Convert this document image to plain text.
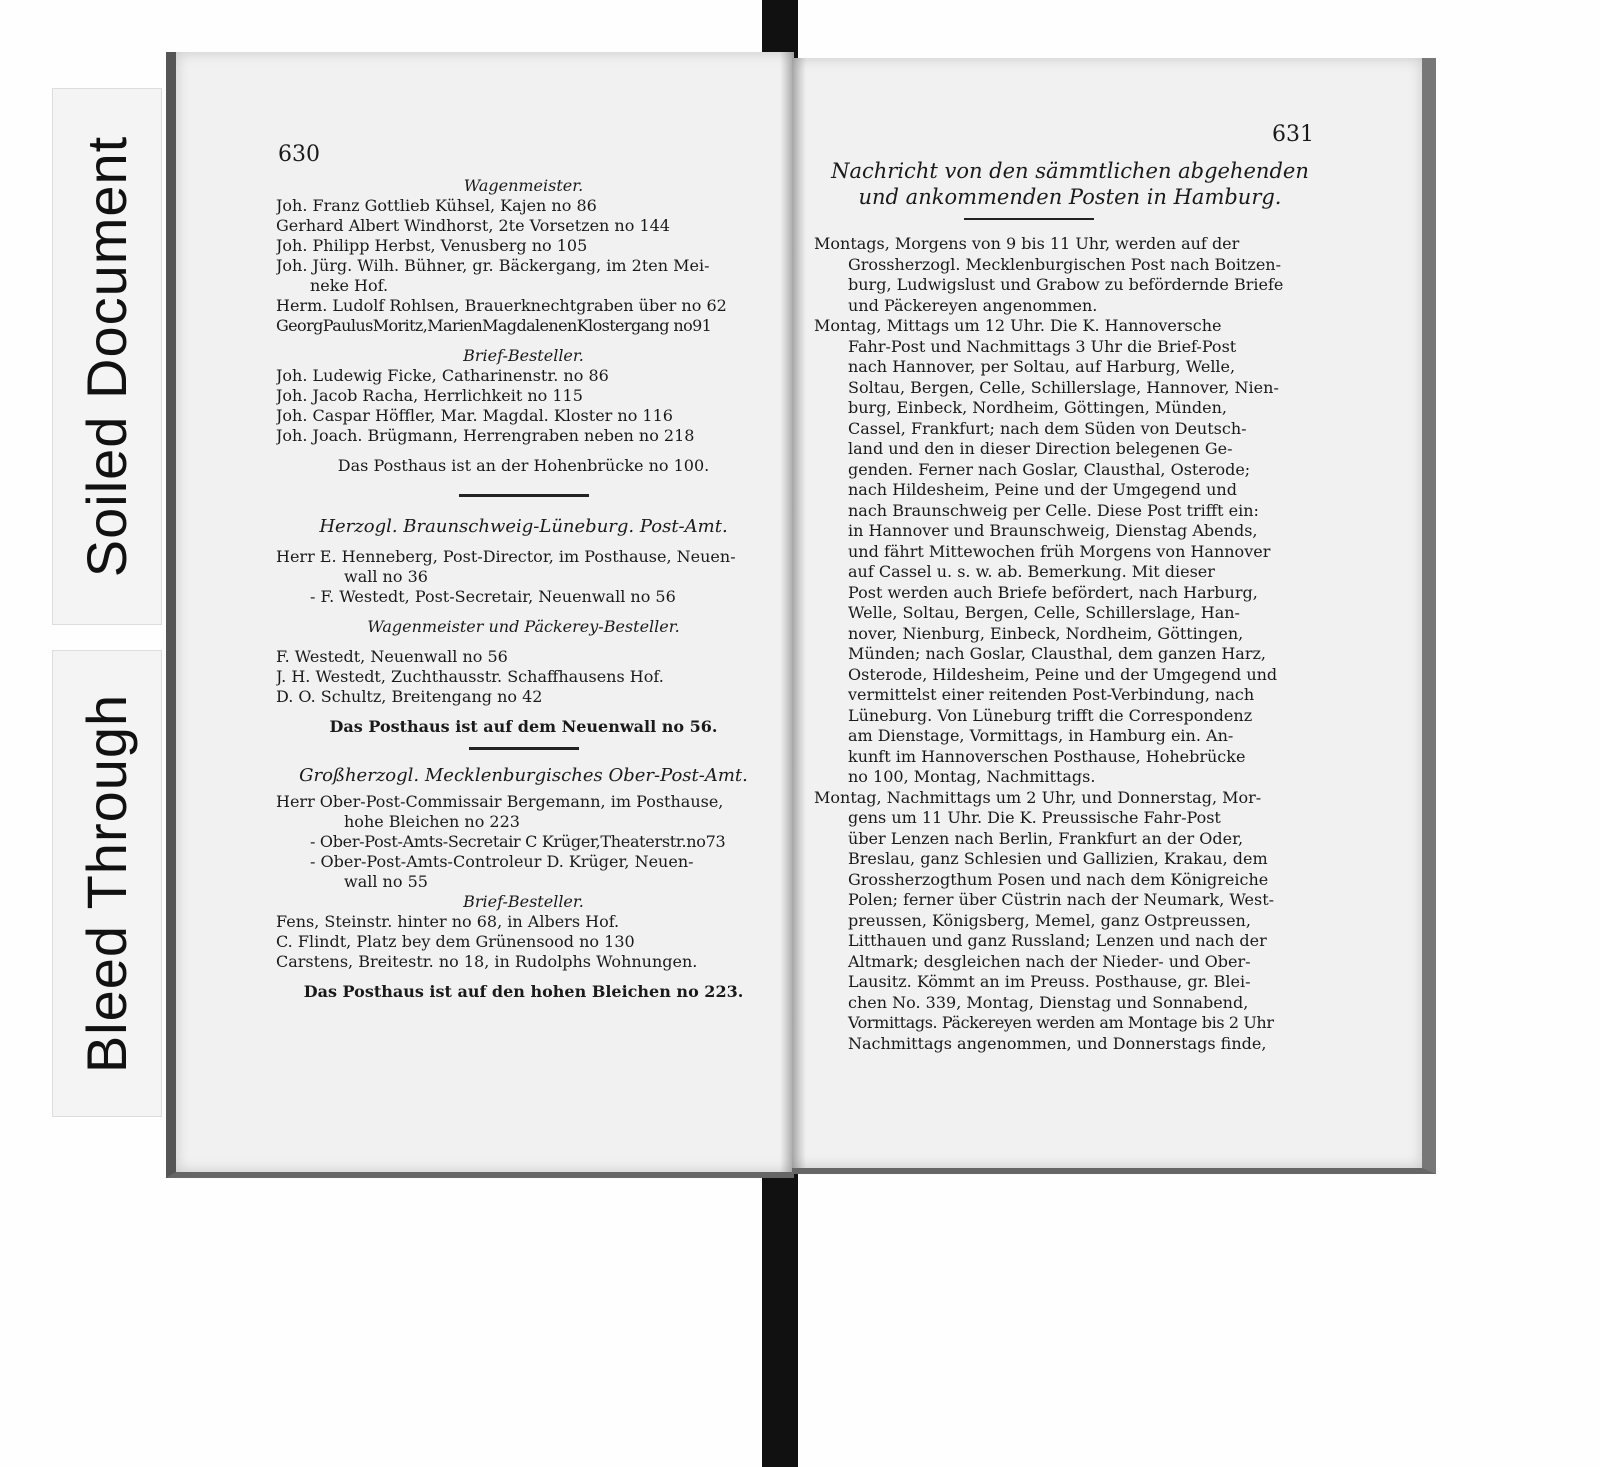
Soiled Document
Bleed Through
630

Wagenmeister.

Joh. Franz Gottlieb Kühsel, Kajen no 86
Gerhard Albert Windhorst, 2te Vorsetzen no 144
Joh. Philipp Herbst, Venusberg no 105
Joh. Jürg. Wilh. Bühner, gr. Bäckergang, im 2ten Mei-
neke Hof.
Herm. Ludolf Rohlsen, Brauerknechtgraben über no 62
GeorgPaulusMoritz,MarienMagdalenenKlostergang no91

Brief-Besteller.

Joh. Ludewig Ficke, Catharinenstr. no 86
Joh. Jacob Racha, Herrlichkeit no 115
Joh. Caspar Höffler, Mar. Magdal. Kloster no 116
Joh. Joach. Brügmann, Herrengraben neben no 218
Das Posthaus ist an der Hohenbrücke no 100.

Herzogl. Braunschweig-Lüneburg. Post-Amt.

Herr E. Henneberg, Post-Director, im Posthause, Neuen-
wall no 36
- F. Westedt, Post-Secretair, Neuenwall no 56

Wagenmeister und Päckerey-Besteller.

F. Westedt, Neuenwall no 56
J. H. Westedt, Zuchthausstr. Schaffhausens Hof.
D. O. Schultz, Breitengang no 42
Das Posthaus ist auf dem Neuenwall no 56.

Großherzogl. Mecklenburgisches Ober-Post-Amt.

Herr Ober-Post-Commissair Bergemann, im Posthause,
hohe Bleichen no 223
- Ober-Post-Amts-Secretair C Krüger,Theaterstr.no73
- Ober-Post-Amts-Controleur D. Krüger, Neuen-
wall no 55

Brief-Besteller.

Fens, Steinstr. hinter no 68, in Albers Hof.
C. Flindt, Platz bey dem Grünensood no 130
Carstens, Breitestr. no 18, in Rudolphs Wohnungen.
Das Posthaus ist auf den hohen Bleichen no 223.
631

Nachricht von den sämmtlichen abgehenden

und ankommenden Posten in Hamburg.

Montags, Morgens von 9 bis 11 Uhr, werden auf der
Grossherzogl. Mecklenburgischen Post nach Boitzen-
burg, Ludwigslust und Grabow zu befördernde Briefe
und Päckereyen angenommen.
Montag, Mittags um 12 Uhr. Die K. Hannoversche
Fahr-Post und Nachmittags 3 Uhr die Brief-Post
nach Hannover, per Soltau, auf Harburg, Welle,
Soltau, Bergen, Celle, Schillerslage, Hannover, Nien-
burg, Einbeck, Nordheim, Göttingen, Münden,
Cassel, Frankfurt; nach dem Süden von Deutsch-
land und den in dieser Direction belegenen Ge-
genden. Ferner nach Goslar, Clausthal, Osterode;
nach Hildesheim, Peine und der Umgegend und
nach Braunschweig per Celle. Diese Post trifft ein:
in Hannover und Braunschweig, Dienstag Abends,
und fährt Mittewochen früh Morgens von Hannover
auf Cassel u. s. w. ab. Bemerkung. Mit dieser
Post werden auch Briefe befördert, nach Harburg,
Welle, Soltau, Bergen, Celle, Schillerslage, Han-
nover, Nienburg, Einbeck, Nordheim, Göttingen,
Münden; nach Goslar, Clausthal, dem ganzen Harz,
Osterode, Hildesheim, Peine und der Umgegend und
vermittelst einer reitenden Post-Verbindung, nach
Lüneburg. Von Lüneburg trifft die Correspondenz
am Dienstage, Vormittags, in Hamburg ein. An-
kunft im Hannoverschen Posthause, Hohebrücke
no 100, Montag, Nachmittags.
Montag, Nachmittags um 2 Uhr, und Donnerstag, Mor-
gens um 11 Uhr. Die K. Preussische Fahr-Post
über Lenzen nach Berlin, Frankfurt an der Oder,
Breslau, ganz Schlesien und Gallizien, Krakau, dem
Grossherzogthum Posen und nach dem Königreiche
Polen; ferner über Cüstrin nach der Neumark, West-
preussen, Königsberg, Memel, ganz Ostpreussen,
Litthauen und ganz Russland; Lenzen und nach der
Altmark; desgleichen nach der Nieder- und Ober-
Lausitz. Kömmt an im Preuss. Posthause, gr. Blei-
chen No. 339, Montag, Dienstag und Sonnabend,
Vormittags. Päckereyen werden am Montage bis 2 Uhr
Nachmittags angenommen, und Donnerstags finde,
